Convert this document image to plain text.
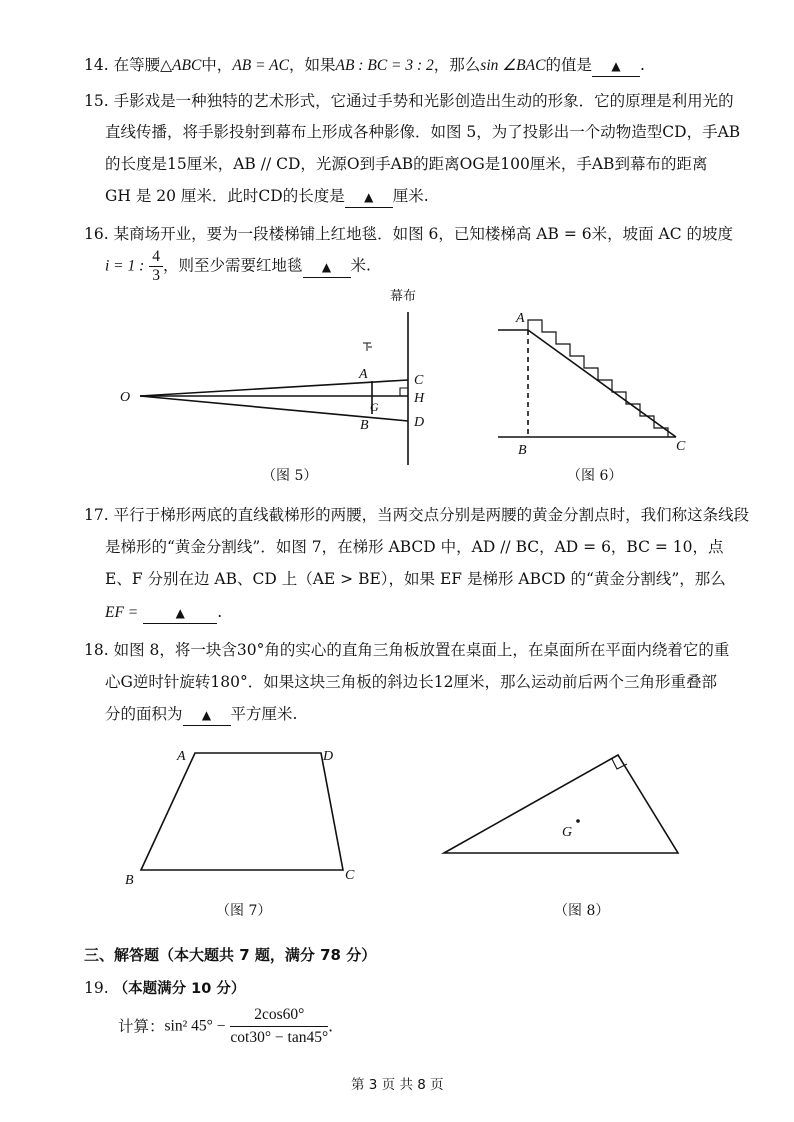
14. 在等腰△ABC中，AB = AC，如果AB : BC = 3 : 2，那么sin ∠BAC的值是 ▲ .
15. 手影戏是一种独特的艺术形式，它通过手势和光影创造出生动的形象．它的原理是利用光的
直线传播，将手影投射到幕布上形成各种影像．如图 5，为了投影出一个动物造型CD，手AB
的长度是15厘米，AB // CD，光源O到手AB的距离OG是100厘米，手AB到幕布的距离
GH 是 20 厘米．此时CD的长度是 ▲ 厘米.
16. 某商场开业，要为一段楼梯铺上红地毯．如图 6，已知楼梯高 AB = 6米，坡面 AC 的坡度
i = 1 : $\frac{4}{3}$ ，则至少需要红地毯 ▲ 米.
幕布
O
A
B
G
C
H
D
（图 5）
A
B	C
（图 6）
17. 平行于梯形两底的直线截梯形的两腰，当两交点分别是两腰的黄金分割点时，我们称这条线段
是梯形的“黄金分割线”．如图 7，在梯形 ABCD 中，AD // BC，AD = 6，BC = 10，点
E、F 分别在边 AB、CD 上（AE > BE），如果 EF 是梯形 ABCD 的“黄金分割线”，那么
EF =	▲ .
18. 如图 8，将一块含30°角的实心的直角三角板放置在桌面上，在桌面所在平面内绕着它的重
心G逆时针旋转180°．如果这块三角板的斜边长12厘米，那么运动前后两个三角形重叠部
分的面积为 ▲ 平方厘米.
A	D
B	C
（图 7）
G
（图 8）
三、解答题（本大题共 7 题，满分 78 分）
19. （本题满分 10 分）
计算：sin² $45^\circ - \frac{2\cos 60^\circ}{\cot 30^\circ - \tan 45^\circ}$ .
第 3 页 共 8 页
